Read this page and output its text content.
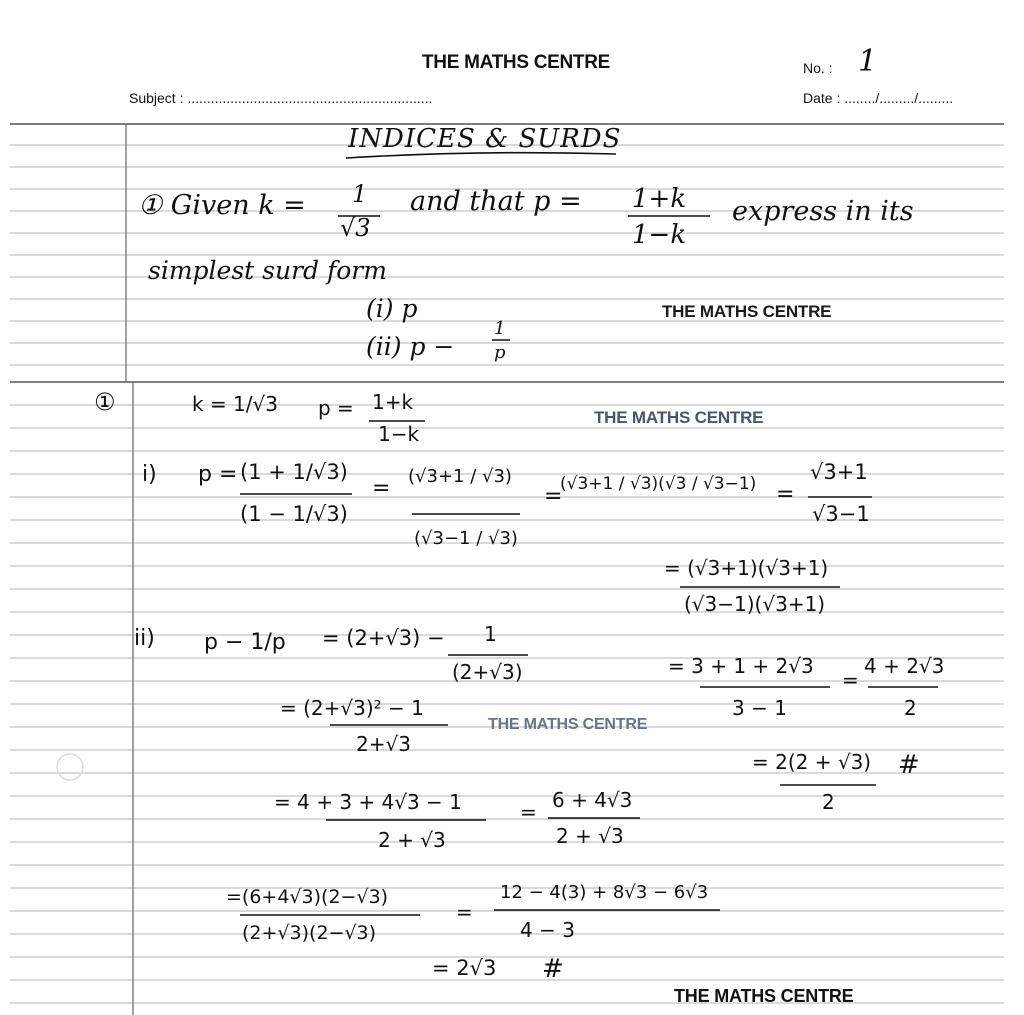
THE MATHS CENTRE	No. : 1
Subject : ...............................................................	Date : ......../........./.........
INDICES & SURDS
① Given k = 1
√3
and that p = 1+k
1−k
express in its
simplest surd form
(i) p
(ii) p −
1
p
THE MATHS CENTRE
THE MATHS CENTRE
THE MATHS CENTRE
THE MATHS CENTRE
①	k = 1/√3 p = 1+k
1−k
i) p = (1 + 1/√3)
(1 − 1/√3)
= (√3+1 / √3)
(√3−1 / √3)
=
(√3+1 / √3)(√3 / √3−1) =
√3+1
√3−1
= (√3+1)(√3+1)
(√3−1)(√3+1)
= 3 + 1 + 2√3
3 − 1
=
4 + 2√3
2
= 2(2 + √3)
2
#
ii) p − 1/p = (2+√3) − 1
(2+√3)
= (2+√3)² − 1
2+√3
= 4 + 3 + 4√3 − 1
2 + √3
= 6 + 4√3
2 + √3
=(6+4√3)(2−√3)
(2+√3)(2−√3)
=
12 − 4(3) + 8√3 − 6√3
4 − 3
= 2√3 #
